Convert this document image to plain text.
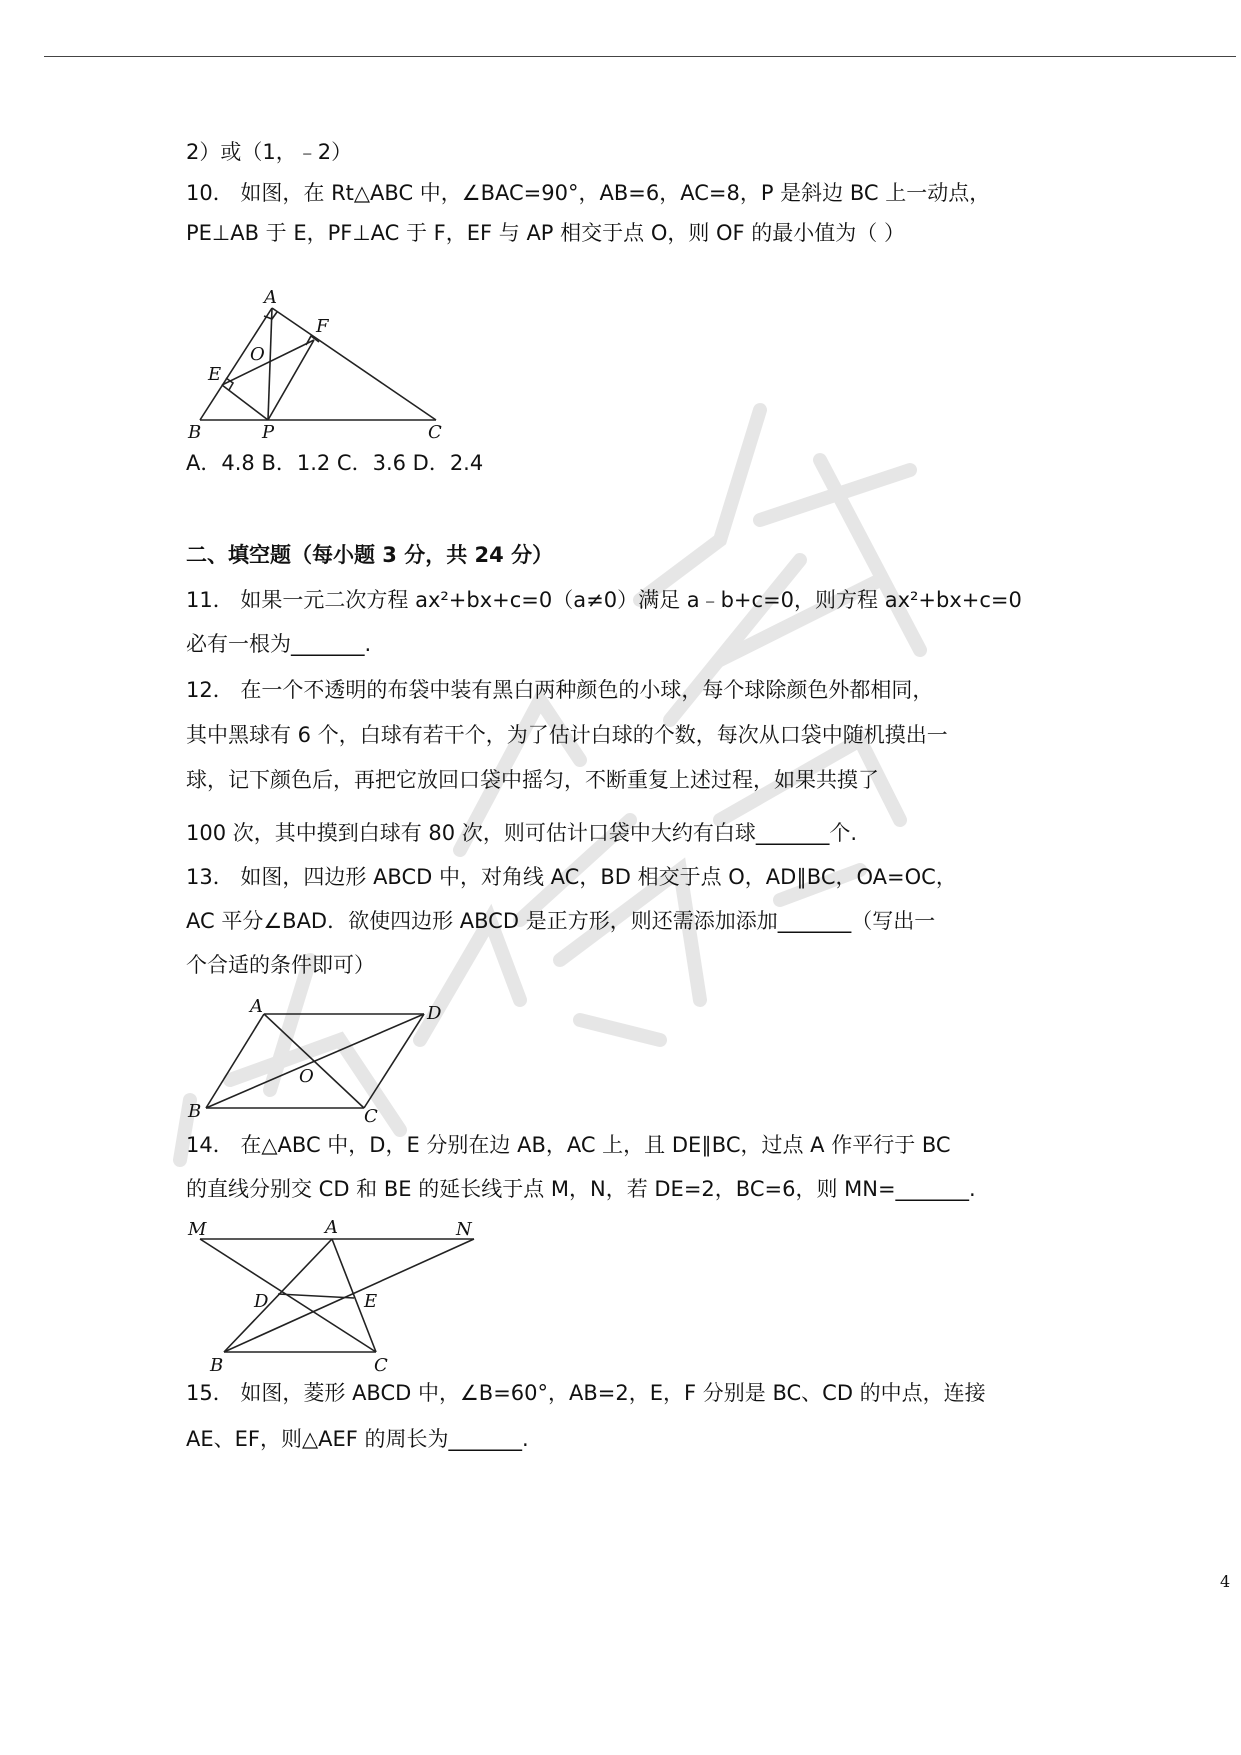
2）或（1，﹣2）
10． 如图，在 Rt△ABC 中，∠BAC=90°，AB=6，AC=8，P 是斜边 BC 上一动点，
PE⊥AB 于 E，PF⊥AC 于 F，EF 与 AP 相交于点 O，则 OF 的最小值为（ ）
A
B	C
E
F
O
P
A．4.8 B．1.2 C．3.6 D．2.4
二、填空题（每小题 3 分，共 24 分）
11． 如果一元二次方程 ax²+bx+c=0（a≠0）满足 a﹣b+c=0，则方程 ax²+bx+c=0
必有一根为_______.
12． 在一个不透明的布袋中装有黑白两种颜色的小球，每个球除颜色外都相同，
其中黑球有 6 个，白球有若干个，为了估计白球的个数，每次从口袋中随机摸出一
球，记下颜色后，再把它放回口袋中摇匀，不断重复上述过程，如果共摸了
100 次，其中摸到白球有 80 次，则可估计口袋中大约有白球_______个.
13． 如图，四边形 ABCD 中，对角线 AC，BD 相交于点 O，AD∥BC，OA=OC，
AC 平分∠BAD．欲使四边形 ABCD 是正方形，则还需添加添加_______（写出一
个合适的条件即可）
A	D
B	C
O
14． 在△ABC 中，D，E 分别在边 AB，AC 上，且 DE∥BC，过点 A 作平行于 BC
的直线分别交 CD 和 BE 的延长线于点 M，N，若 DE=2，BC=6，则 MN=_______.
M	A	N
D	E
B	C
15． 如图，菱形 ABCD 中，∠B=60°，AB=2，E，F 分别是 BC、CD 的中点，连接
AE、EF，则△AEF 的周长为_______.
4
